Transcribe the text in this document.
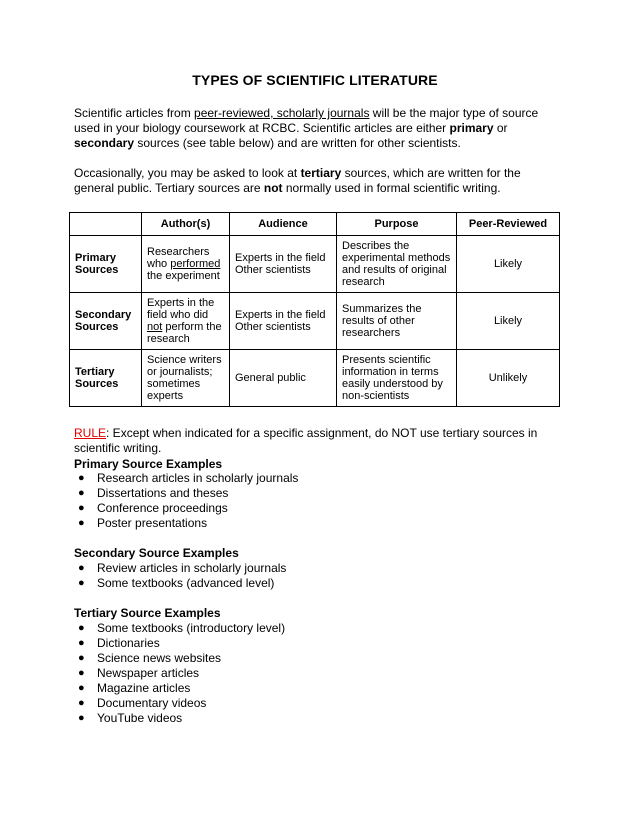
TYPES OF SCIENTIFIC LITERATURE
Scientific articles from peer-reviewed, scholarly journals will be the major type of source used in your biology coursework at RCBC. Scientific articles are either primary or secondary sources (see table below) and are written for other scientists.
Occasionally, you may be asked to look at tertiary sources, which are written for the general public. Tertiary sources are not normally used in formal scientific writing.
	Author(s)	Audience	Purpose	Peer-Reviewed
Primary Sources	Researchers who performed the experiment	Experts in the field Other scientists	Describes the experimental methods and results of original research	Likely
Secondary Sources	Experts in the field who did not perform the research	Experts in the field Other scientists	Summarizes the results of other researchers	Likely
Tertiary Sources	Science writers or journalists; sometimes experts	General public	Presents scientific information in terms easily understood by non-scientists	Unlikely
RULE: Except when indicated for a specific assignment, do NOT use tertiary sources in scientific writing.
Primary Source Examples
● Research articles in scholarly journals
● Dissertations and theses
● Conference proceedings
● Poster presentations
Secondary Source Examples
● Review articles in scholarly journals
● Some textbooks (advanced level)
Tertiary Source Examples
● Some textbooks (introductory level)
● Dictionaries
● Science news websites
● Newspaper articles
● Magazine articles
● Documentary videos
● YouTube videos
